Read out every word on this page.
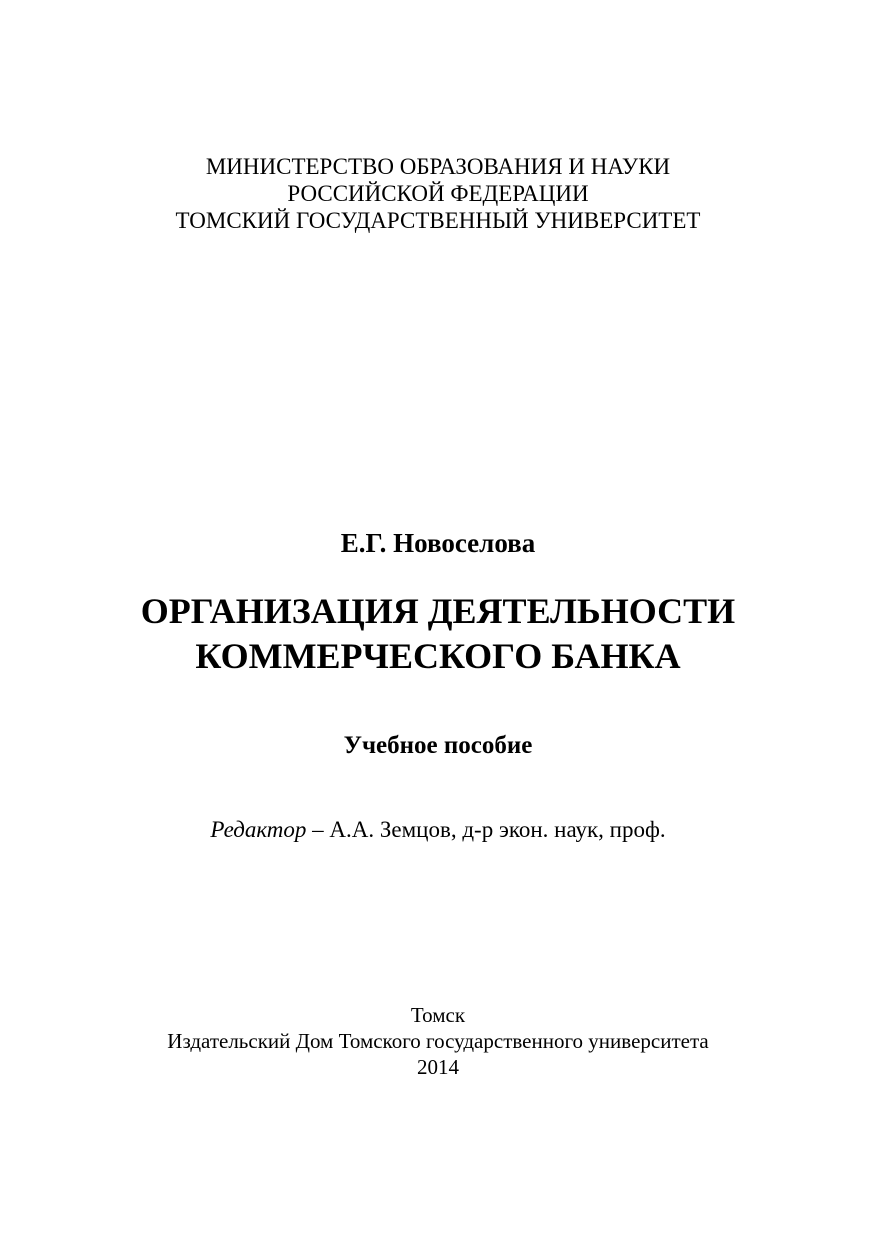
МИНИСТЕРСТВО ОБРАЗОВАНИЯ И НАУКИ
РОССИЙСКОЙ ФЕДЕРАЦИИ
ТОМСКИЙ ГОСУДАРСТВЕННЫЙ УНИВЕРСИТЕТ
Е.Г. Новоселова
ОРГАНИЗАЦИЯ ДЕЯТЕЛЬНОСТИ
КОММЕРЧЕСКОГО БАНКА
Учебное пособие
Редактор – А.А. Земцов, д-р экон. наук, проф.
Томск
Издательский Дом Томского государственного университета
2014
